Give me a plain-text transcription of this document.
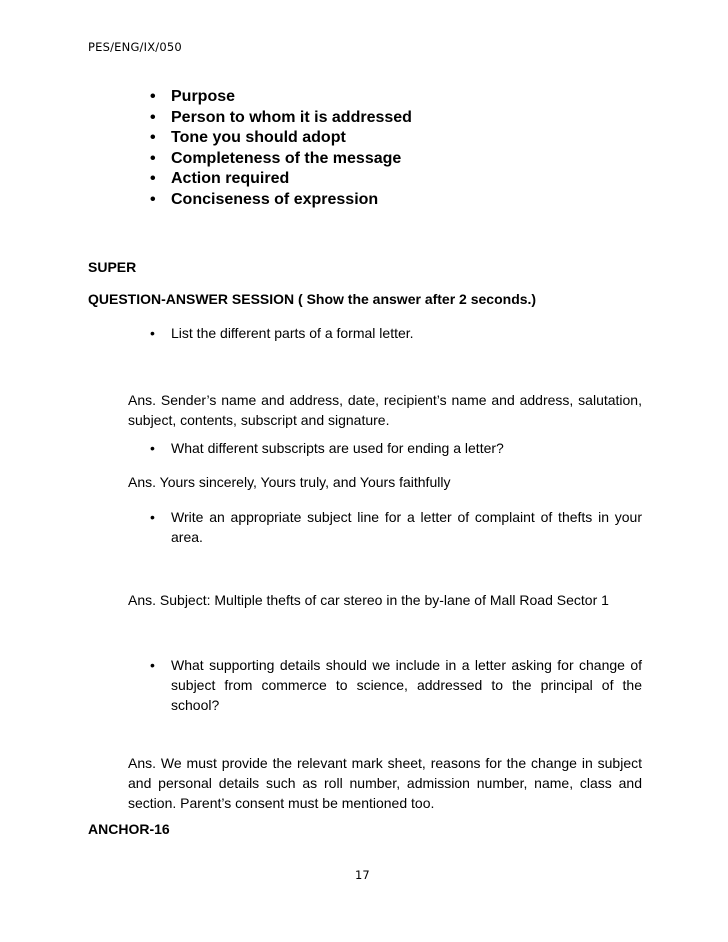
PES/ENG/IX/050
• Purpose
• Person to whom it is addressed
• Tone you should adopt
• Completeness of the message
• Action required
• Conciseness of expression
SUPER
QUESTION-ANSWER SESSION ( Show the answer after 2 seconds.)
• List the different parts of a formal letter.
Ans. Sender’s name and address, date, recipient’s name and address, salutation, subject, contents, subscript and signature.
• What different subscripts are used for ending a letter?
Ans. Yours sincerely, Yours truly, and Yours faithfully
• Write an appropriate subject line for a letter of complaint of thefts in your area.
Ans. Subject: Multiple thefts of car stereo in the by-lane of Mall Road Sector 1
• What supporting details should we include in a letter asking for change of subject from commerce to science, addressed to the principal of the school?
Ans. We must provide the relevant mark sheet, reasons for the change in subject and personal details such as roll number, admission number, name, class and section. Parent’s consent must be mentioned too.
ANCHOR-16
17
